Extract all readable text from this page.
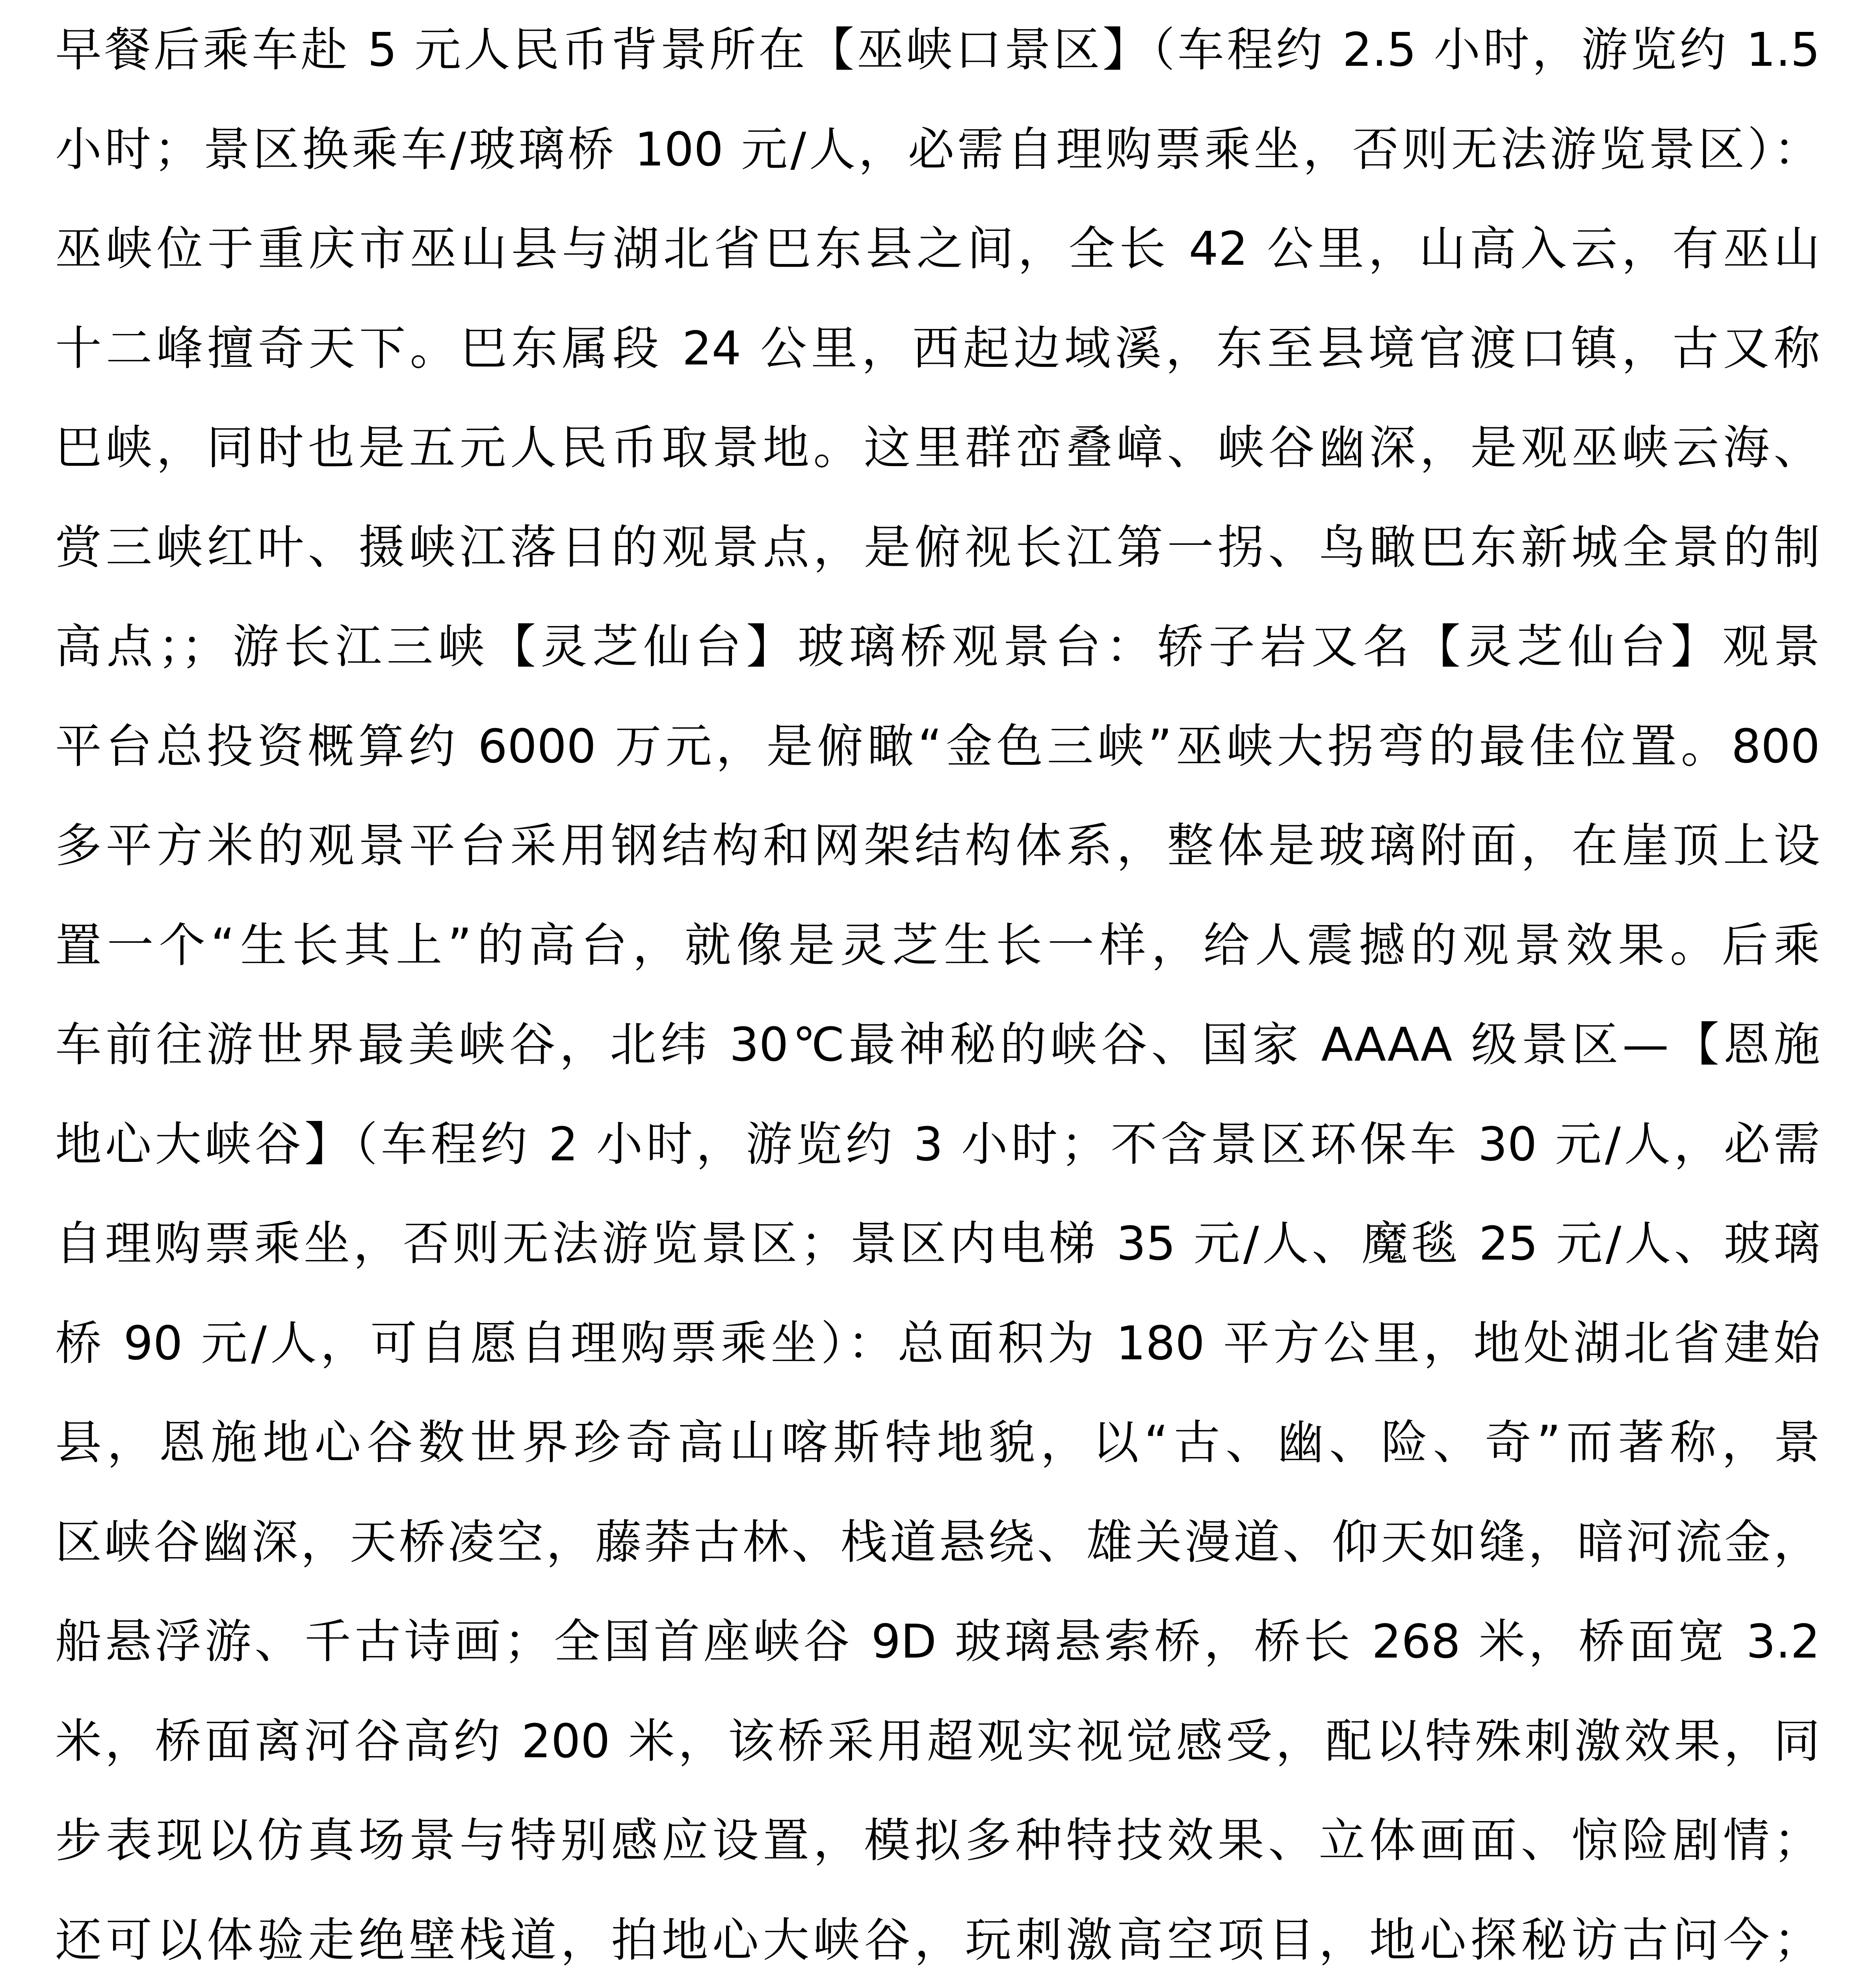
早餐后乘车赴 5 元人民币背景所在【巫峡口景区】（车程约 2.5 小时，游览约 1.5
小时；景区换乘车/玻璃桥 100 元/人，必需自理购票乘坐，否则无法游览景区）：
巫峡位于重庆市巫山县与湖北省巴东县之间，全长 42 公里，山高入云，有巫山
十二峰擅奇天下。巴东属段 24 公里，西起边域溪，东至县境官渡口镇，古又称
巴峡，同时也是五元人民币取景地。这里群峦叠嶂、峡谷幽深，是观巫峡云海、
赏三峡红叶、摄峡江落日的观景点，是俯视长江第一拐、鸟瞰巴东新城全景的制
高点；；游长江三峡【灵芝仙台】玻璃桥观景台：轿子岩又名【灵芝仙台】观景
平台总投资概算约 6000 万元，是俯瞰“金色三峡”巫峡大拐弯的最佳位置。800
多平方米的观景平台采用钢结构和网架结构体系，整体是玻璃附面，在崖顶上设
置一个“生长其上”的高台，就像是灵芝生长一样，给人震撼的观景效果。后乘
车前往游世界最美峡谷，北纬 30℃最神秘的峡谷、国家 AAAA 级景区—【恩施
地心大峡谷】（车程约 2 小时，游览约 3 小时；不含景区环保车 30 元/人，必需
自理购票乘坐，否则无法游览景区；景区内电梯 35 元/人、魔毯 25 元/人、玻璃
桥 90 元/人，可自愿自理购票乘坐）：总面积为 180 平方公里，地处湖北省建始
县，恩施地心谷数世界珍奇高山喀斯特地貌，以“古、幽、险、奇”而著称，景
区峡谷幽深，天桥凌空，藤莽古林、栈道悬绕、雄关漫道、仰天如缝，暗河流金，
船悬浮游、千古诗画；全国首座峡谷 9D 玻璃悬索桥，桥长 268 米，桥面宽 3.2
米，桥面离河谷高约 200 米，该桥采用超观实视觉感受，配以特殊刺激效果，同
步表现以仿真场景与特别感应设置，模拟多种特技效果、立体画面、惊险剧情；
还可以体验走绝壁栈道，拍地心大峡谷，玩刺激高空项目，地心探秘访古问今；
